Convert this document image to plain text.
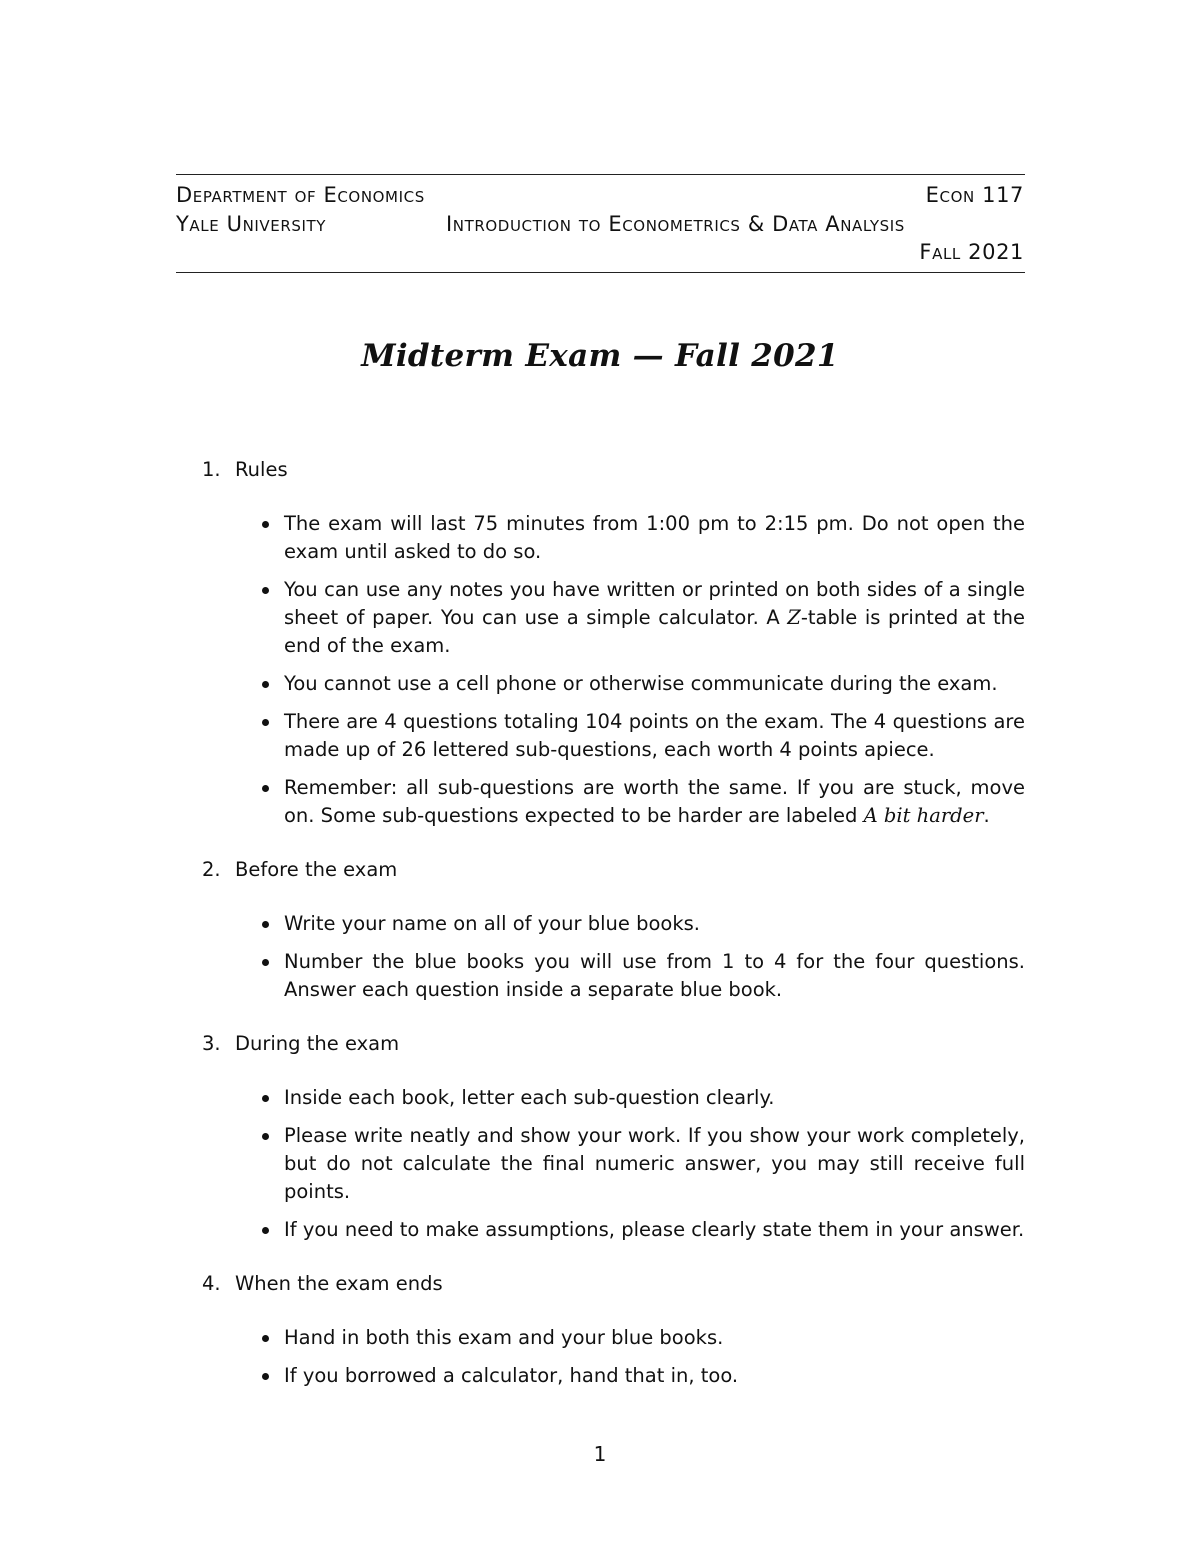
Department of Economics	Econ 117
Yale University	Introduction to Econometrics & Data Analysis
Fall 2021
Midterm Exam — Fall 2021
1. Rules
The exam will last 75 minutes from 1:00 pm to 2:15 pm. Do not open the exam until asked to do so.
You can use any notes you have written or printed on both sides of a single sheet of paper. You can use a simple calculator. A Z-table is printed at the end of the exam.
You cannot use a cell phone or otherwise communicate during the exam.
There are 4 questions totaling 104 points on the exam. The 4 questions are made up of 26 lettered sub-questions, each worth 4 points apiece.
Remember: all sub-questions are worth the same. If you are stuck, move on. Some sub-questions expected to be harder are labeled A bit harder.
2. Before the exam
Write your name on all of your blue books.
Number the blue books you will use from 1 to 4 for the four questions. Answer each question inside a separate blue book.
3. During the exam
Inside each book, letter each sub-question clearly.
Please write neatly and show your work. If you show your work completely, but do not calculate the final numeric answer, you may still receive full points.
If you need to make assumptions, please clearly state them in your answer.
4. When the exam ends
Hand in both this exam and your blue books.
If you borrowed a calculator, hand that in, too.
1
